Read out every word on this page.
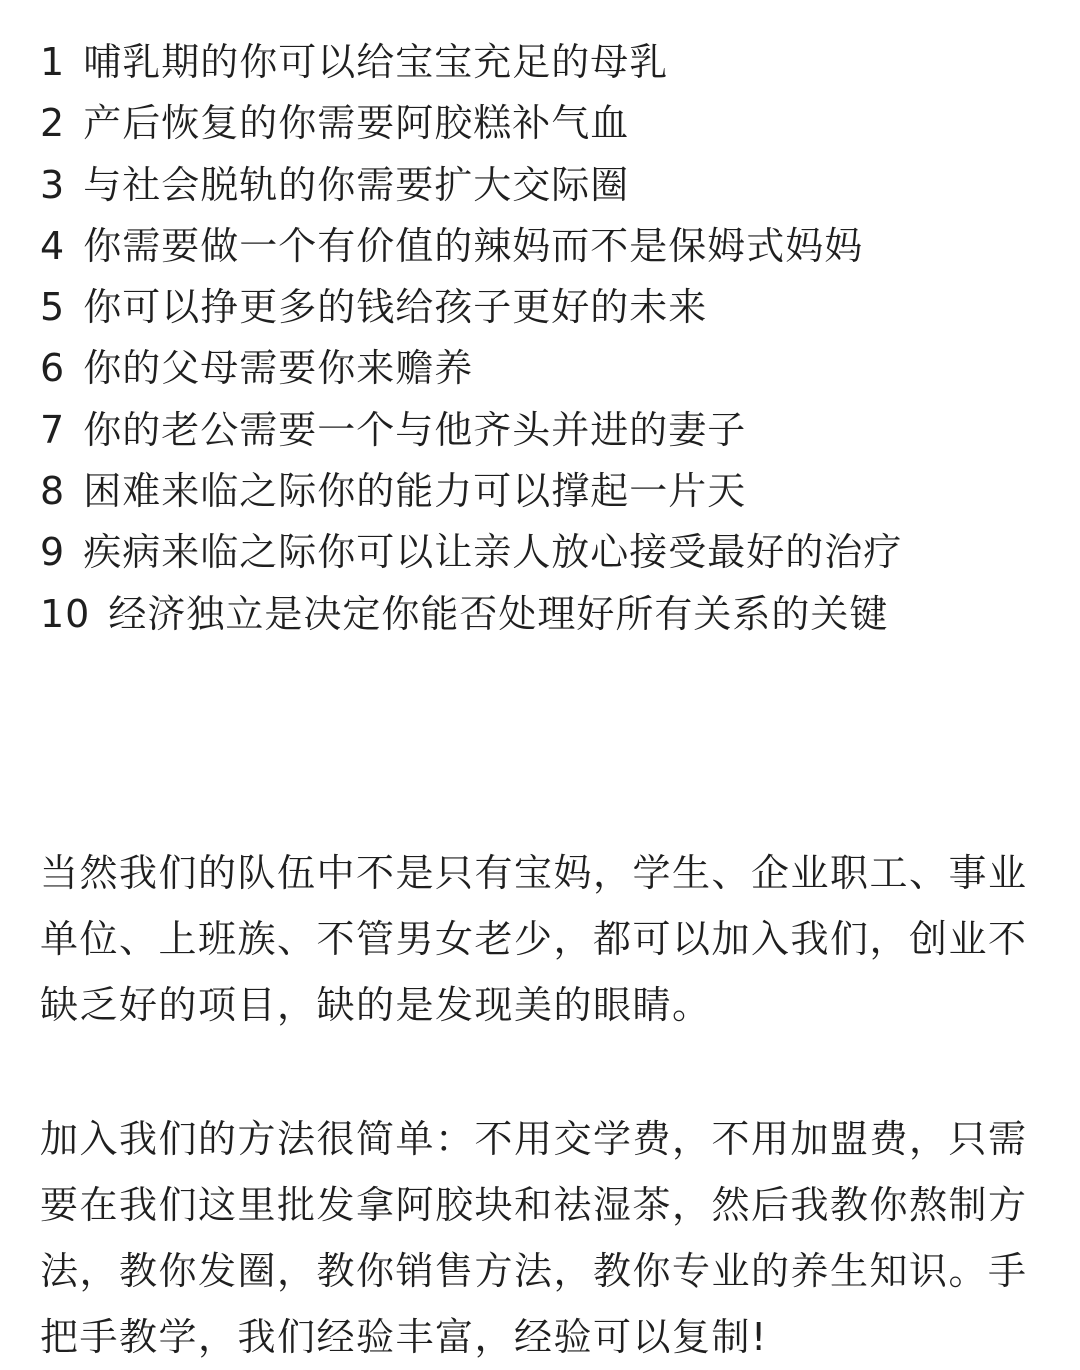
1 哺乳期的你可以给宝宝充足的母乳
2 产后恢复的你需要阿胶糕补气血
3 与社会脱轨的你需要扩大交际圈
4 你需要做一个有价值的辣妈而不是保姆式妈妈
5 你可以挣更多的钱给孩子更好的未来
6 你的父母需要你来赡养
7 你的老公需要一个与他齐头并进的妻子
8 困难来临之际你的能力可以撑起一片天
9 疾病来临之际你可以让亲人放心接受最好的治疗
10 经济独立是决定你能否处理好所有关系的关键

当然我们的队伍中不是只有宝妈，学生、企业职工、事业单位、上班族、不管男女老少，都可以加入我们，创业不缺乏好的项目，缺的是发现美的眼睛。

加入我们的方法很简单：不用交学费，不用加盟费，只需要在我们这里批发拿阿胶块和祛湿茶，然后我教你熬制方法，教你发圈，教你销售方法，教你专业的养生知识。手把手教学，我们经验丰富，经验可以复制!
